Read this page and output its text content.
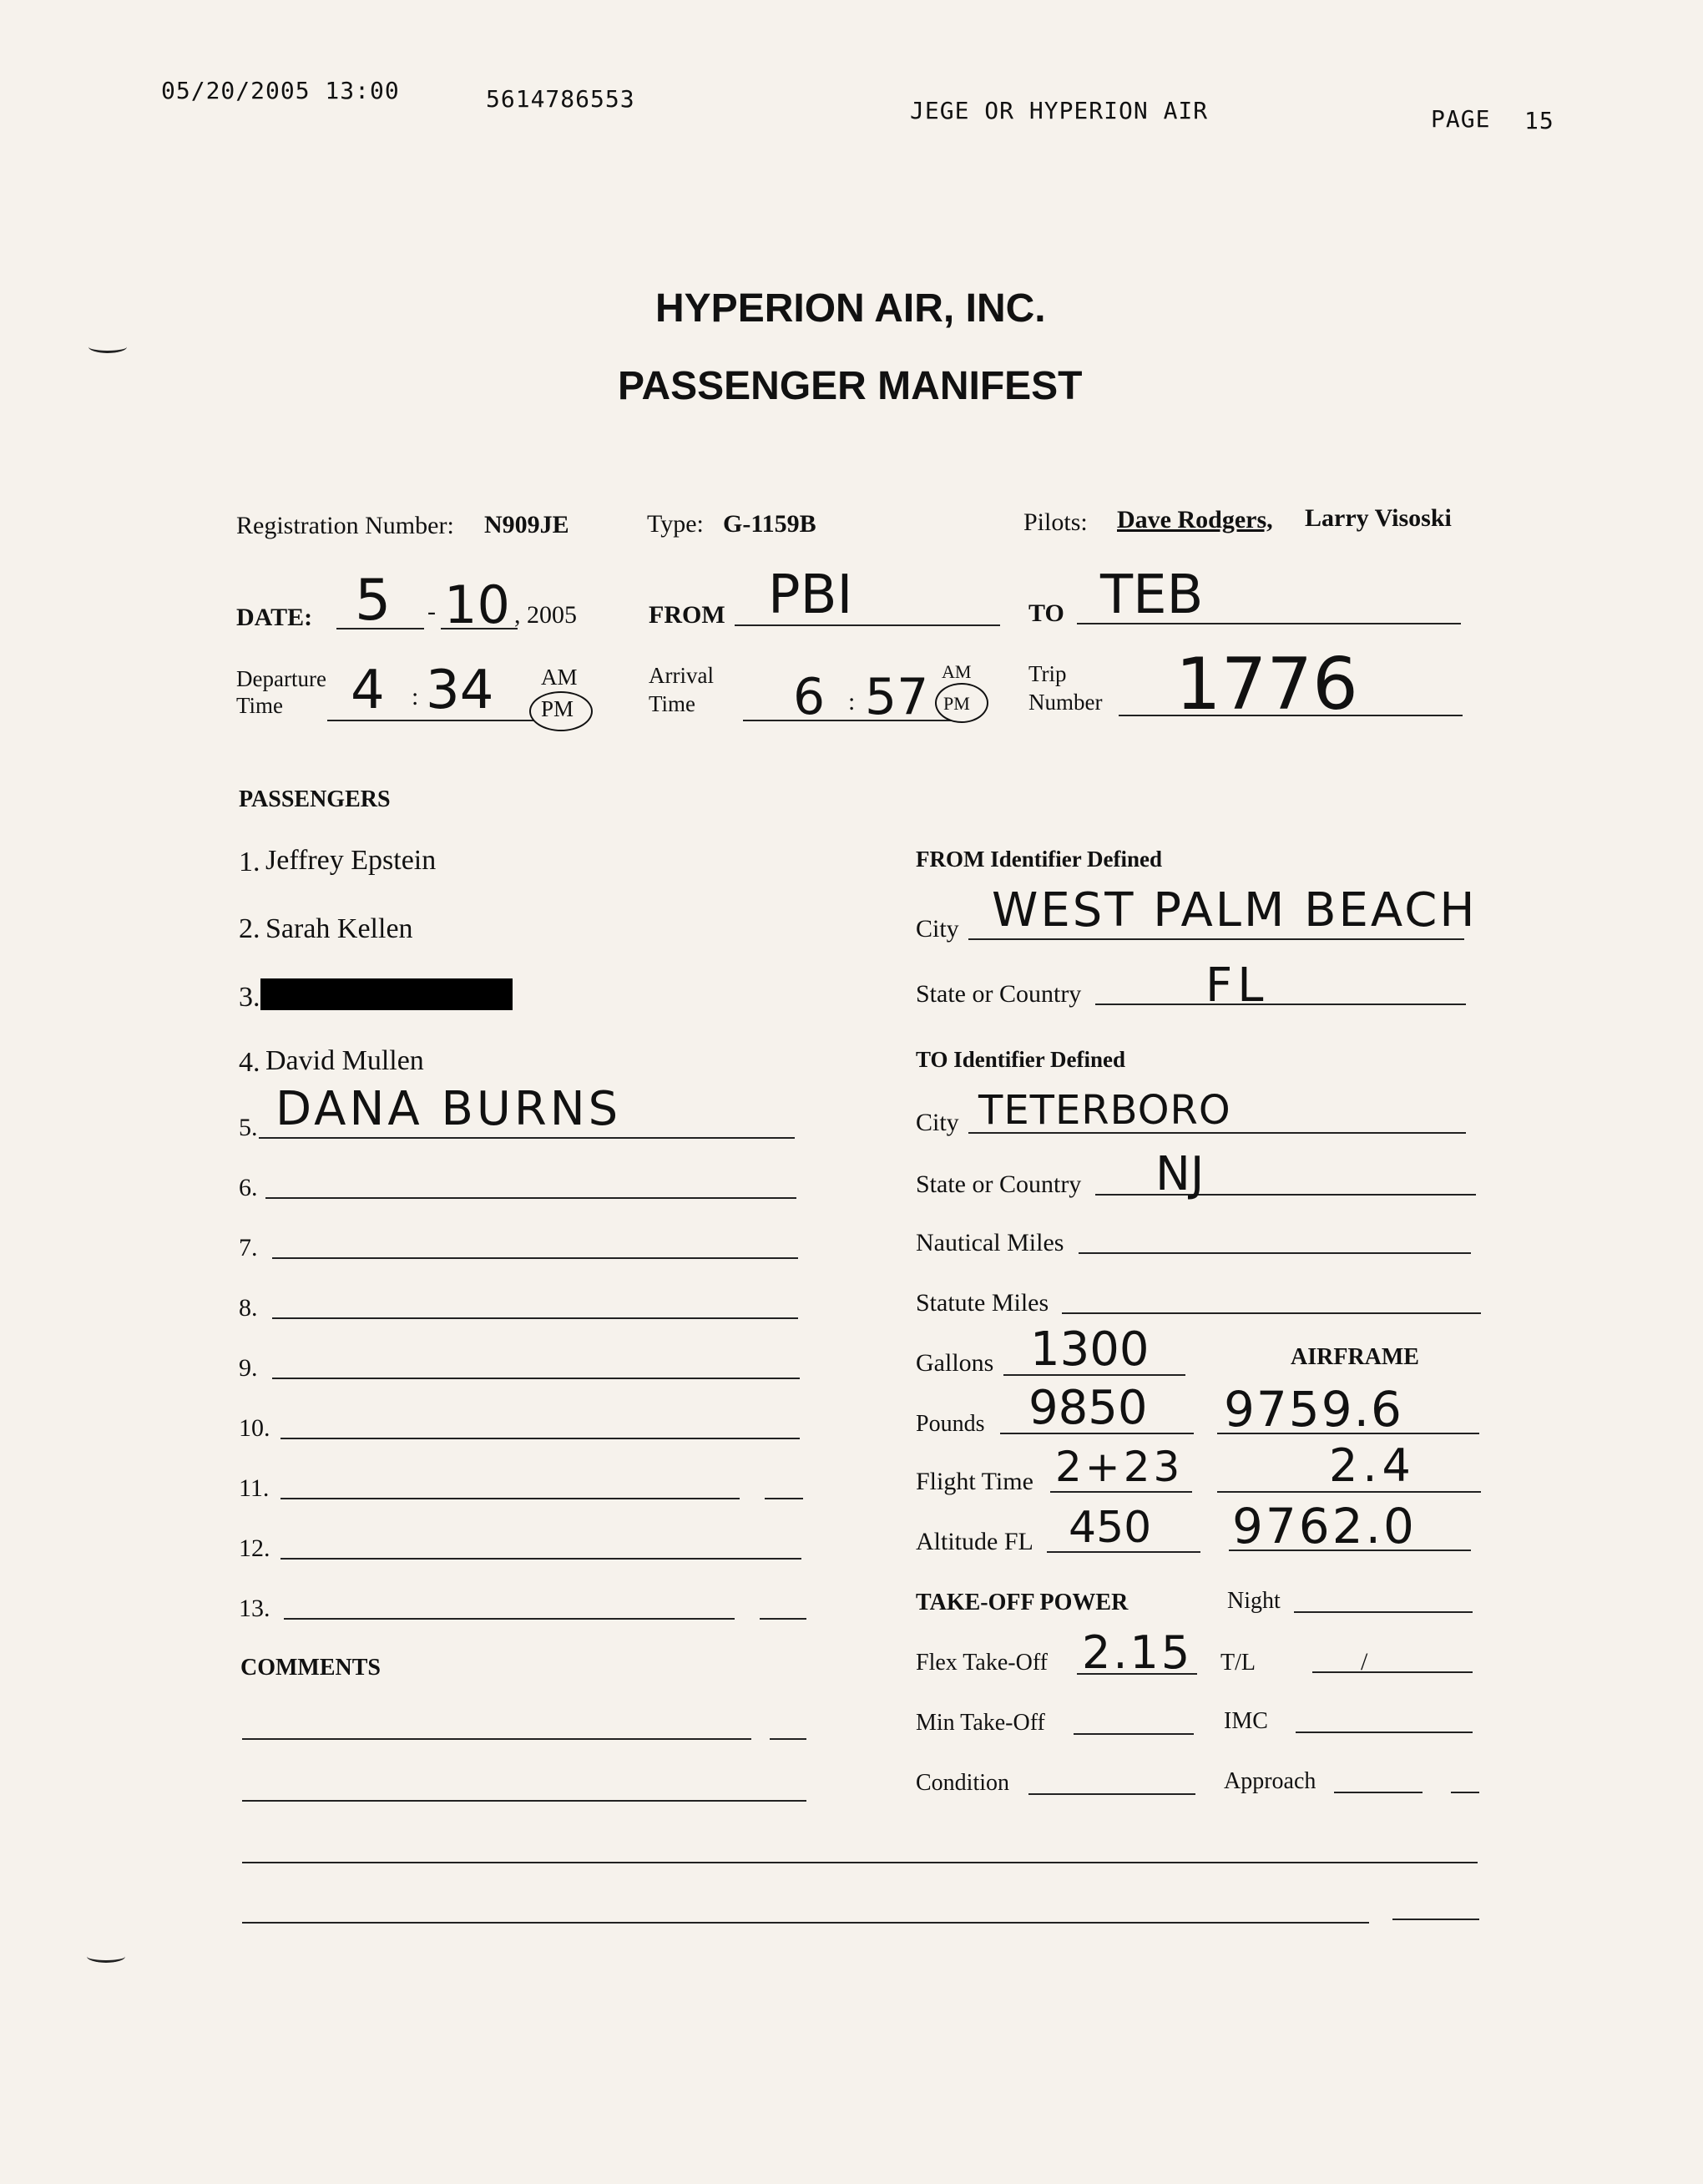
05/20/2005 13:00	5614786553	JEGE OR HYPERION AIR	PAGE 15
HYPERION AIR, INC.
PASSENGER MANIFEST
Registration Number: N909JE	Type: G-1159B	Pilots: Dave Rodgers, Larry Visoski
DATE: 5 - 10 , 2005	FROM PBI	TO TEB
Departure
Time 4 : 34 AM
PM
Arrival
Time 6 : 57 AM
PM
Trip
Number 1776
PASSENGERS
1. Jeffrey Epstein
2. Sarah Kellen
3.
4. David Mullen
5. DANA BURNS
6.
7.
8.
9.
10.
11.
12.
13.
COMMENTS
FROM Identifier Defined
City WEST PALM BEACH
State or Country	FL
TO Identifier Defined
City TETERBORO
State or Country NJ
Nautical Miles
Statute Miles
Gallons 1300	AIRFRAME
Pounds 9850 9759.6
Flight Time 2+23	2.4
Altitude FL 450 9762.0
TAKE-OFF POWER	Night
Flex Take-Off 2.15 T/L	/
Min Take-Off	IMC
Condition	Approach
